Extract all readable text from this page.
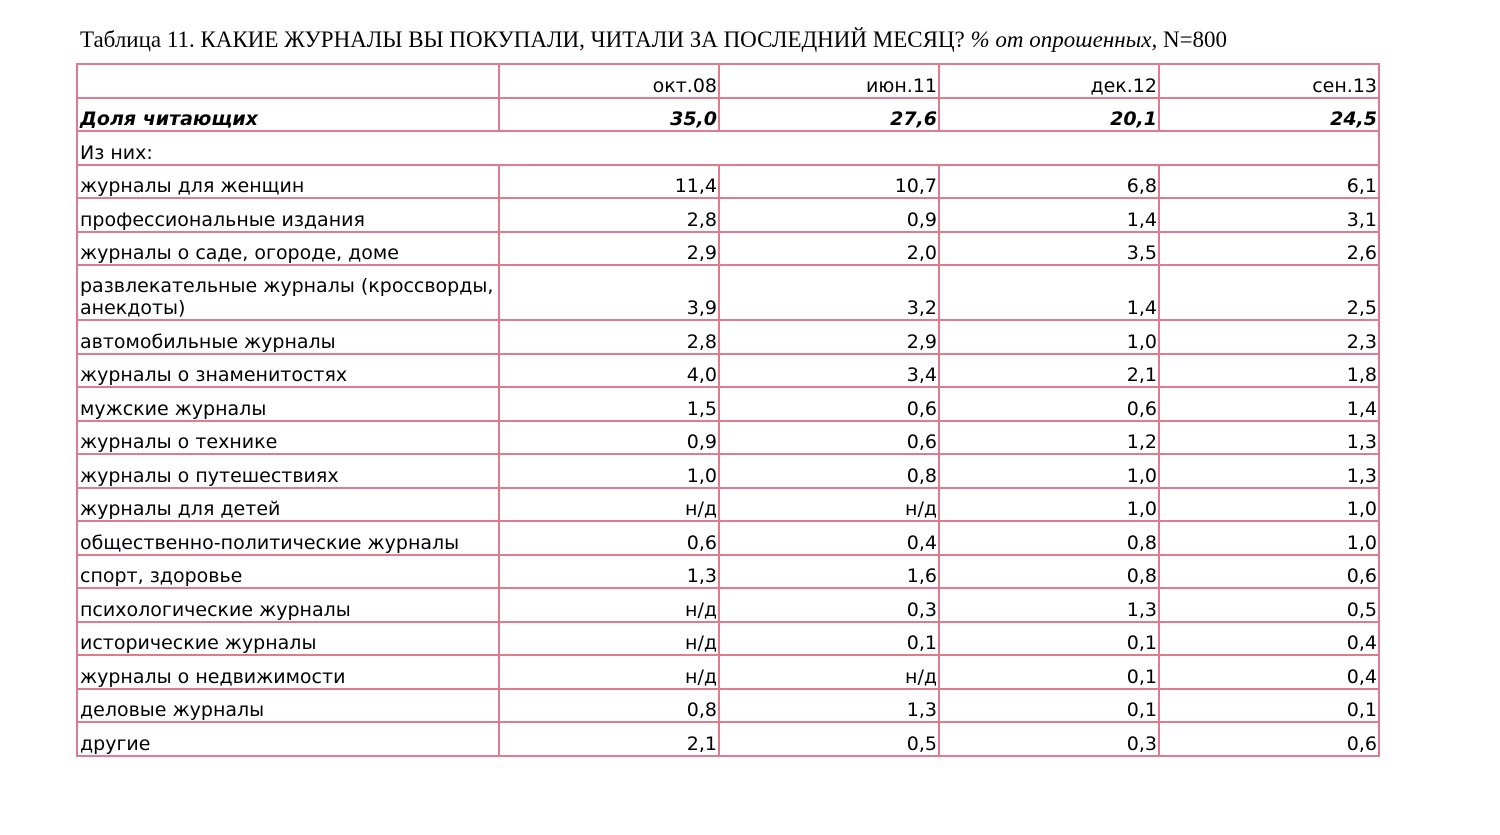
Таблица 11. КАКИЕ ЖУРНАЛЫ ВЫ ПОКУПАЛИ, ЧИТАЛИ ЗА ПОСЛЕДНИЙ МЕСЯЦ? % от опрошенных, N=800
	окт.08	июн.11	дек.12	сен.13
Доля читающих	35,0	27,6	20,1	24,5
Из них:				
журналы для женщин	11,4	10,7	6,8	6,1
профессиональные издания	2,8	0,9	1,4	3,1
журналы о саде, огороде, доме	2,9	2,0	3,5	2,6
развлекательные журналы (кроссворды, анекдоты)	3,9	3,2	1,4	2,5
автомобильные журналы	2,8	2,9	1,0	2,3
журналы о знаменитостях	4,0	3,4	2,1	1,8
мужские журналы	1,5	0,6	0,6	1,4
журналы о технике	0,9	0,6	1,2	1,3
журналы о путешествиях	1,0	0,8	1,0	1,3
журналы для детей	н/д	н/д	1,0	1,0
общественно-политические журналы	0,6	0,4	0,8	1,0
спорт, здоровье	1,3	1,6	0,8	0,6
психологические журналы	н/д	0,3	1,3	0,5
исторические журналы	н/д	0,1	0,1	0,4
журналы о недвижимости	н/д	н/д	0,1	0,4
деловые журналы	0,8	1,3	0,1	0,1
другие	2,1	0,5	0,3	0,6
